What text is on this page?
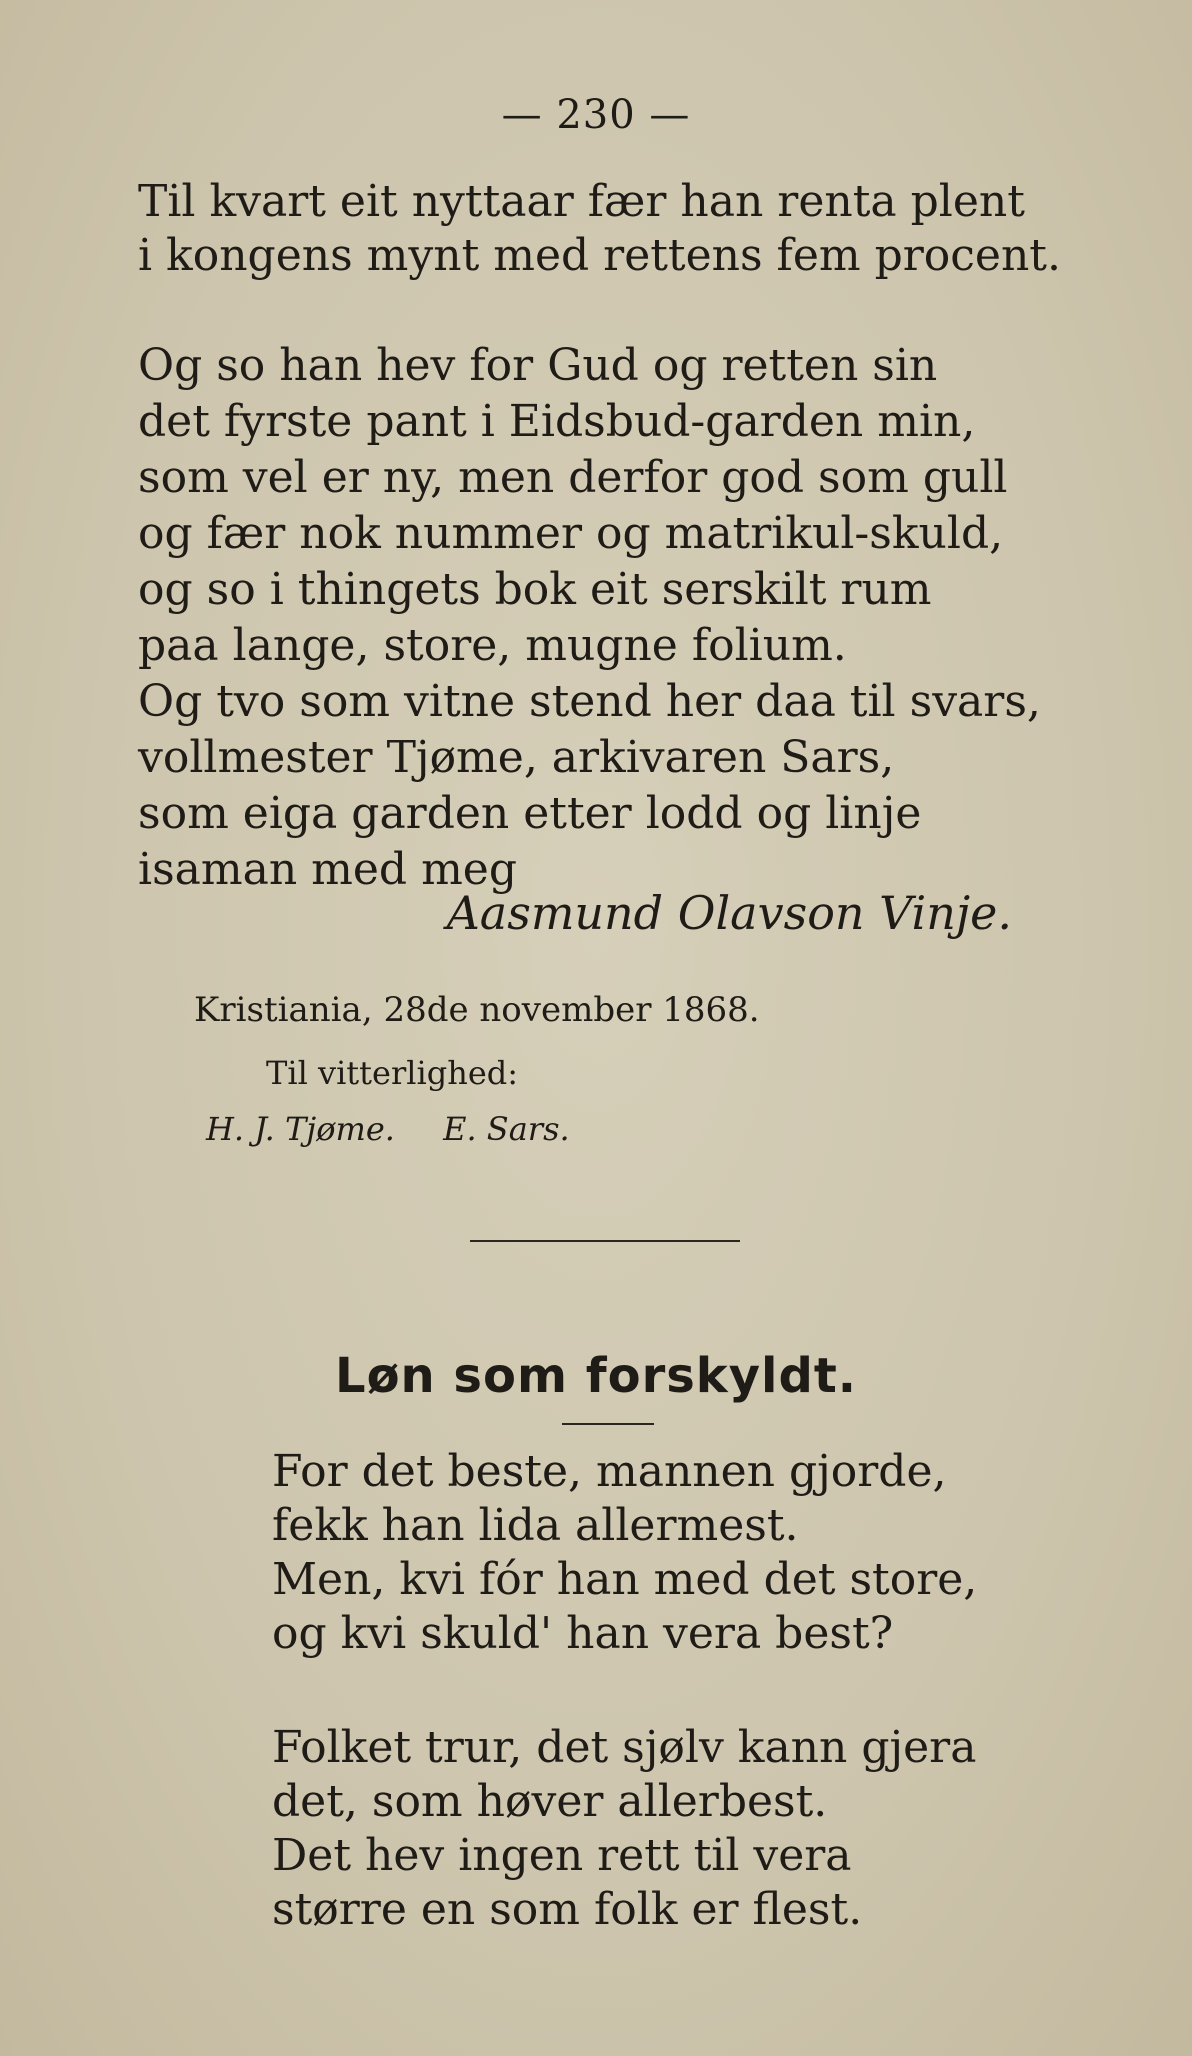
— 230 —
Til kvart eit nyttaar fær han renta plent
i kongens mynt med rettens fem procent.
Og so han hev for Gud og retten sin
det fyrste pant i Eidsbud-garden min,
som vel er ny, men derfor god som gull
og fær nok nummer og matrikul-skuld,
og so i thingets bok eit serskilt rum
paa lange, store, mugne folium.
Og tvo som vitne stend her daa til svars,
vollmester Tjøme, arkivaren Sars,
som eiga garden etter lodd og linje
isaman med meg
Aasmund Olavson Vinje.
Kristiania, 28de november 1868.
Til vitterlighed:
H. J. Tjøme. E. Sars.
Løn som forskyldt.
For det beste, mannen gjorde,
fekk han lida allermest.
Men, kvi fór han med det store,
og kvi skuld' han vera best?
Folket trur, det sjølv kann gjera
det, som høver allerbest.
Det hev ingen rett til vera
større en som folk er flest.
